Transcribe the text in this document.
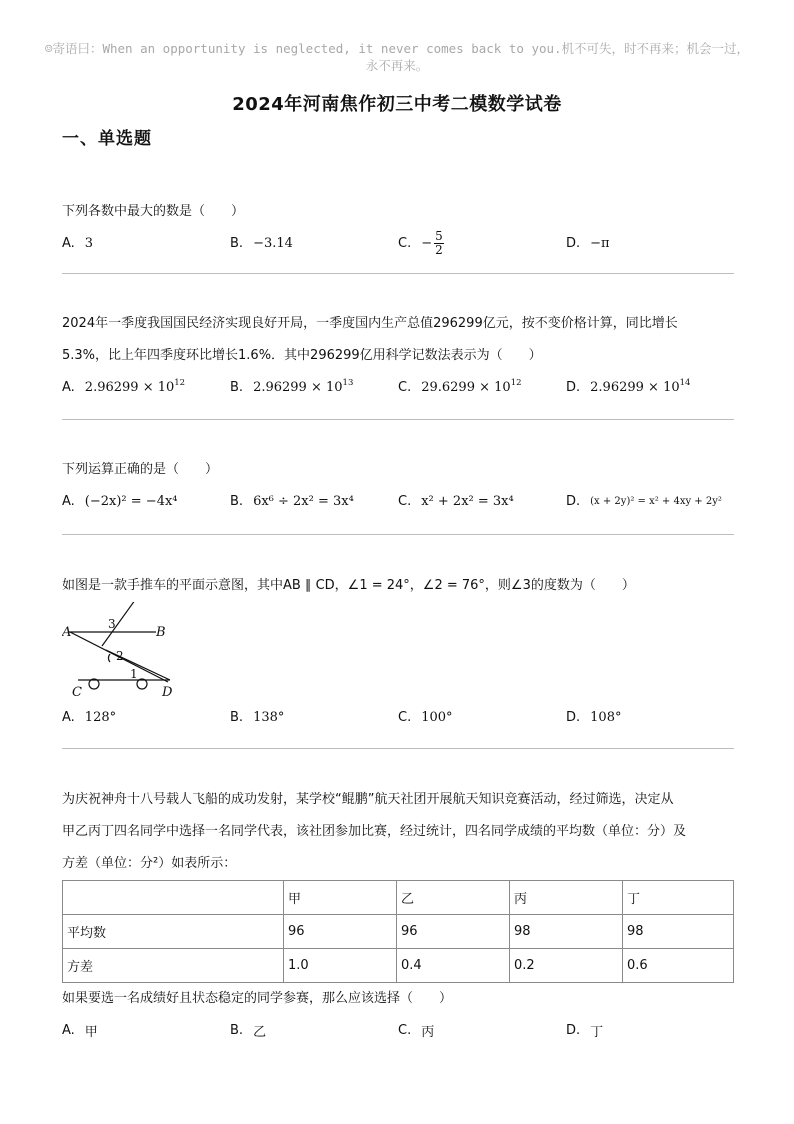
☺寄语曰：When an opportunity is neglected, it never comes back to you.机不可失，时不再来；机会一过，永不再来。
2024年河南焦作初三中考二模数学试卷
一、单选题
下列各数中最大的数是（　　）
A. 3	B. −3.14	C. − $\frac{5}{2}$	D. −π
2024年一季度我国国民经济实现良好开局，一季度国内生产总值296299亿元，按不变价格计算，同比增长
5.3%，比上年四季度环比增长1.6%．其中296299亿用科学记数法表示为（　　）
A. $2.96299 \times 10^{12}$	B. $2.96299 \times 10^{13}$	C. $29.6299 \times 10^{12}$	D. $2.96299 \times 10^{14}$
下列运算正确的是（　　）
A. (−2x)² = −4x⁴	B. 6x⁶ ÷ 2x² = 3x⁴	C. x² + 2x² = 3x⁴	D. (x + 2y)² = x² + 4xy + 2y²
如图是一款手推车的平面示意图，其中AB ∥ CD，∠1 = 24°，∠2 = 76°，则∠3的度数为（　　）
A	B
C	D
3
2
1
A. 128°	B. 138°	C. 100°	D. 108°
为庆祝神舟十八号载人飞船的成功发射，某学校“鲲鹏”航天社团开展航天知识竞赛活动，经过筛选，决定从
甲乙丙丁四名同学中选择一名同学代表，该社团参加比赛，经过统计，四名同学成绩的平均数（单位：分）及
方差（单位：分²）如表所示：
	甲	乙	丙	丁
平均数	96	96	98	98
方差	1.0	0.4	0.2	0.6
如果要选一名成绩好且状态稳定的同学参赛，那么应该选择（　　）
A. 甲	B. 乙	C. 丙	D. 丁
